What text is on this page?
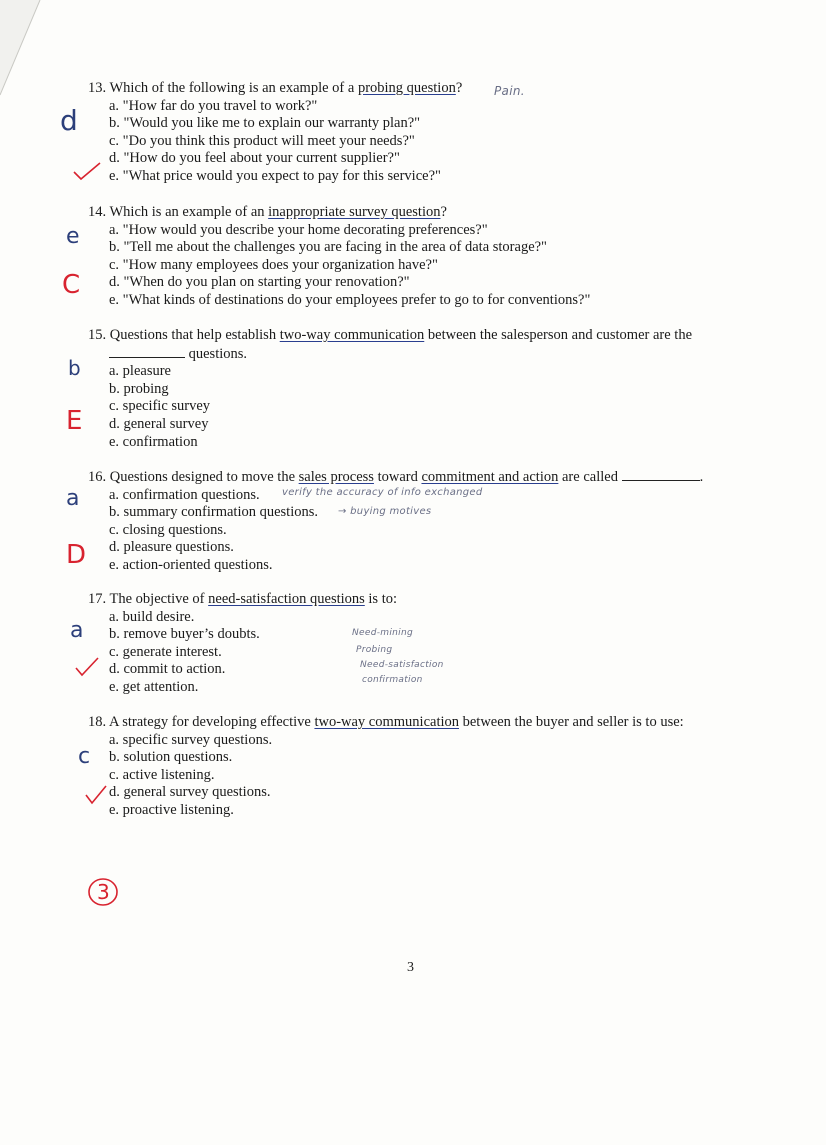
13. Which of the following is an example of a probing question?
a. "How far do you travel to work?"
b. "Would you like me to explain our warranty plan?"
c. "Do you think this product will meet your needs?"
d. "How do you feel about your current supplier?"
e. "What price would you expect to pay for this service?"
14. Which is an example of an inappropriate survey question?
a. "How would you describe your home decorating preferences?"
b. "Tell me about the challenges you are facing in the area of data storage?"
c. "How many employees does your organization have?"
d. "When do you plan on starting your renovation?"
e. "What kinds of destinations do your employees prefer to go to for conventions?"
15. Questions that help establish two-way communication between the salesperson and customer are the
questions.
a. pleasure
b. probing
c. specific survey
d. general survey
e. confirmation
16. Questions designed to move the sales process toward commitment and action are called	.
a. confirmation questions.
b. summary confirmation questions.
c. closing questions.
d. pleasure questions.
e. action-oriented questions.
17. The objective of need-satisfaction questions is to:
a. build desire.
b. remove buyer’s doubts.
c. generate interest.
d. commit to action.
e. get attention.
18. A strategy for developing effective two-way communication between the buyer and seller is to use:
a. specific survey questions.
b. solution questions.
c. active listening.
d. general survey questions.
e. proactive listening.
d
Pain.
e
C
b
E
a
D
verify the accuracy of info exchanged
→ buying motives
a	Need-mining
Probing
Need-satisfaction
confirmation
c
3
3
